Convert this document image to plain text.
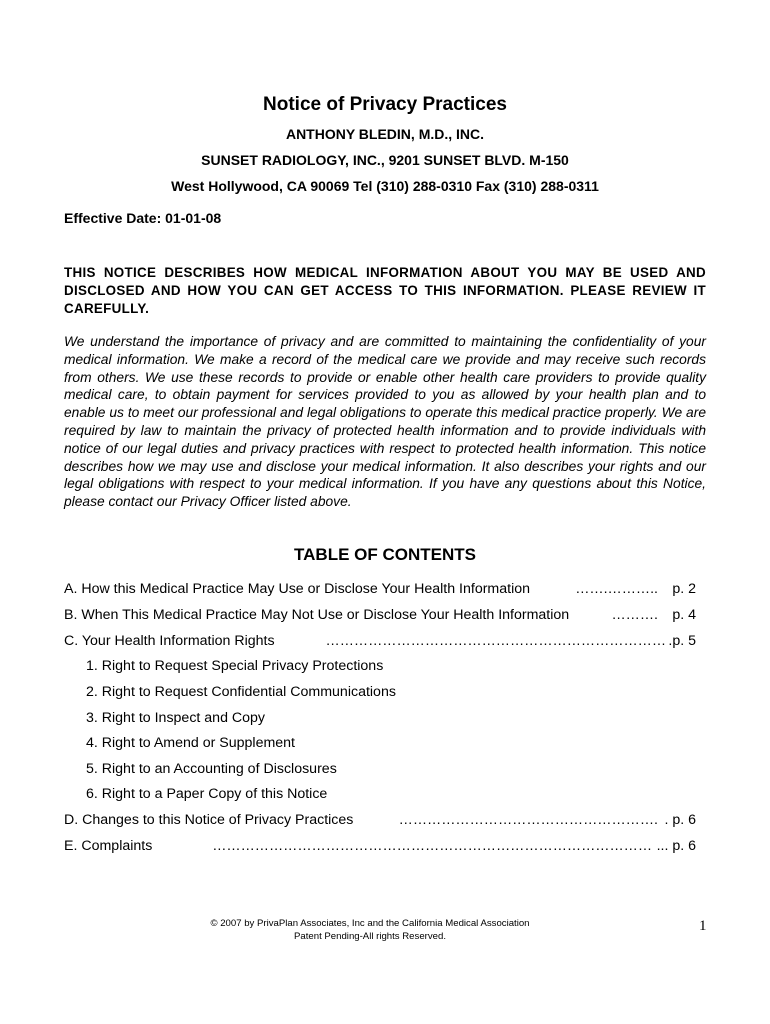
Notice of Privacy Practices
ANTHONY BLEDIN, M.D., INC.
SUNSET RADIOLOGY, INC., 9201 SUNSET BLVD. M-150
West Hollywood, CA 90069 Tel (310) 288-0310 Fax (310) 288-0311
Effective Date: 01-01-08
THIS NOTICE DESCRIBES HOW MEDICAL INFORMATION ABOUT YOU MAY BE USED AND DISCLOSED AND HOW YOU CAN GET ACCESS TO THIS INFORMATION. PLEASE REVIEW IT CAREFULLY.
We understand the importance of privacy and are committed to maintaining the confidentiality of your medical information. We make a record of the medical care we provide and may receive such records from others. We use these records to provide or enable other health care providers to provide quality medical care, to obtain payment for services provided to you as allowed by your health plan and to enable us to meet our professional and legal obligations to operate this medical practice properly. We are required by law to maintain the privacy of protected health information and to provide individuals with notice of our legal duties and privacy practices with respect to protected health information. This notice describes how we may use and disclose your medical information. It also describes your rights and our legal obligations with respect to your medical information. If you have any questions about this Notice, please contact our Privacy Officer listed above.
TABLE OF CONTENTS
A. How this Medical Practice May Use or Disclose Your Health Information	…….……….. p. 2
B. When This Medical Practice May Not Use or Disclose Your Health Information	………. p. 4
C. Your Health Information Rights	……………………………………………………………… .p. 5
1. Right to Request Special Privacy Protections
2. Right to Request Confidential Communications
3. Right to Inspect and Copy
4. Right to Amend or Supplement
5. Right to an Accounting of Disclosures
6. Right to a Paper Copy of this Notice
D. Changes to this Notice of Privacy Practices	………………………………………………. . p. 6
E. Complaints	………………………………………………………………………………… ... p. 6
© 2007 by PrivaPlan Associates, Inc and the California Medical Association
Patent Pending-All rights Reserved.
1
